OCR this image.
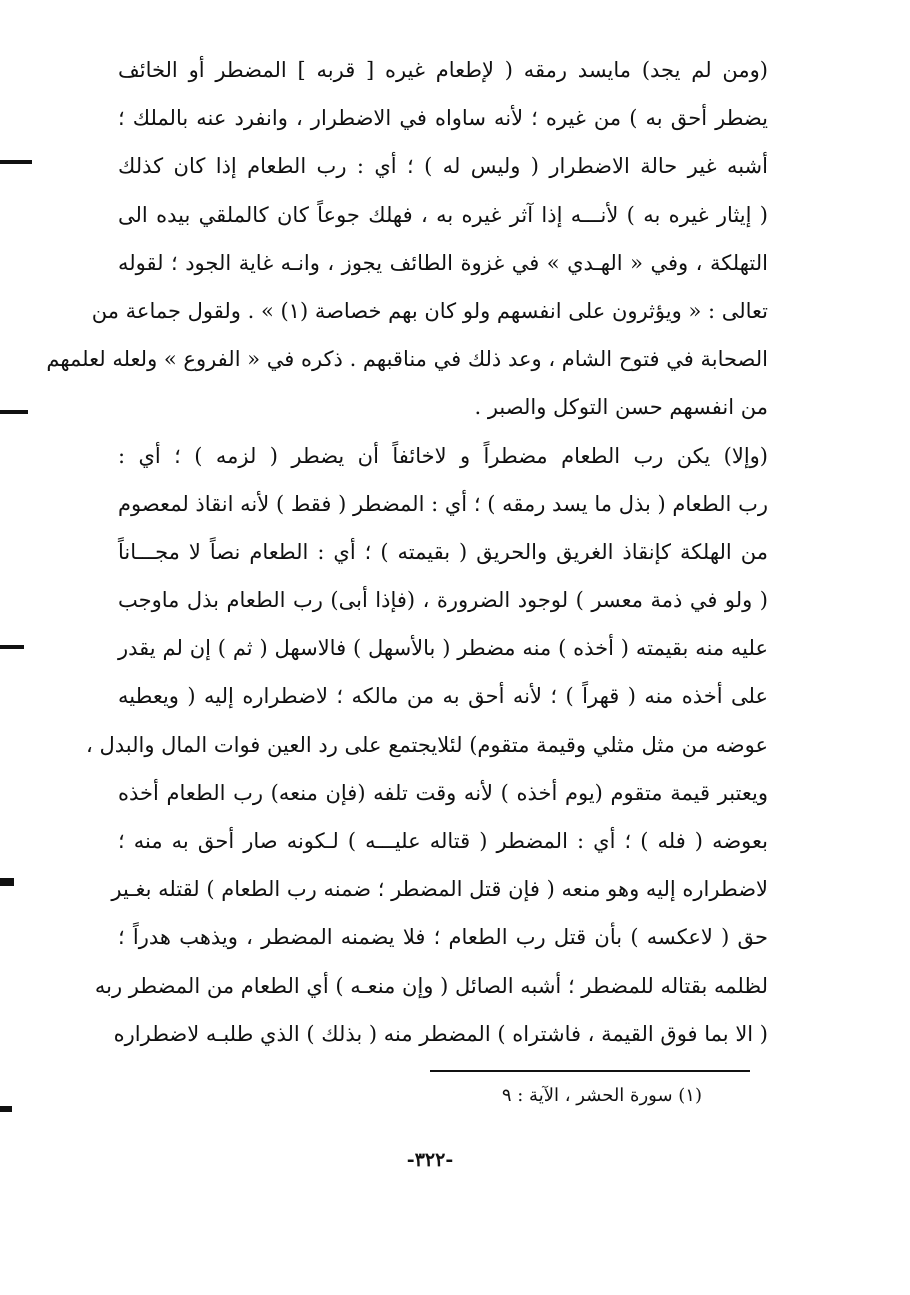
(ومن لم يجد) مايسد رمقه ( لإطعام غيره [ قربه ] المضطر أو الخائف
يضطر أحق به ) من غيره ؛ لأنه ساواه في الاضطرار ، وانفرد عنه بالملك ؛
أشبه غير حالة الاضطرار ( وليس له ) ؛ أي : رب الطعام إذا كان كذلك
( إيثار غيره به ) لأنـــه إذا آثر غيره به ، فهلك جوعاً كان كالملقي بيده الى
التهلكة ، وفي « الهـدي » في غزوة الطائف يجوز ، وانـه غاية الجود ؛ لقوله
تعالى : « ويؤثرون على انفسهم ولو كان بهم خصاصة (١) » . ولقول جماعة من
الصحابة في فتوح الشام ، وعد ذلك في مناقبهم . ذكره في « الفروع » ولعله لعلمهم
من انفسهم حسن التوكل والصبر .
(وإلا) يكن رب الطعام مضطراً و لاخائفاً أن يضطر ( لزمه ) ؛ أي :
رب الطعام ( بذل ما يسد رمقه ) ؛ أي : المضطر ( فقط ) لأنه انقاذ لمعصوم
من الهلكة كإنقاذ الغريق والحريق ( بقيمته ) ؛ أي : الطعام نصاً لا مجـــاناً
( ولو في ذمة معسر ) لوجود الضرورة ، (فإذا أبى) رب الطعام بذل ماوجب
عليه منه بقيمته ( أخذه ) منه مضطر ( بالأسهل ) فالاسهل ( ثم ) إن لم يقدر
على أخذه منه ( قهراً ) ؛ لأنه أحق به من مالكه ؛ لاضطراره إليه ( ويعطيه
عوضه من مثل مثلي وقيمة متقوم) لئلايجتمع على رد العين فوات المال والبدل ،
ويعتبر قيمة متقوم (يوم أخذه ) لأنه وقت تلفه (فإن منعه) رب الطعام أخذه
بعوضه ( فله ) ؛ أي : المضطر ( قتاله عليـــه ) لـكونه صار أحق به منه ؛
لاضطراره إليه وهو منعه ( فإن قتل المضطر ؛ ضمنه رب الطعام ) لقتله بغـير
حق ( لاعكسه ) بأن قتل رب الطعام ؛ فلا يضمنه المضطر ، ويذهب هدراً ؛
لظلمه بقتاله للمضطر ؛ أشبه الصائل ( وإن منعـه ) أي الطعام من المضطر ربه
( الا بما فوق القيمة ، فاشتراه ) المضطر منه ( بذلك ) الذي طلبـه لاضطراره
(١) سورة الحشر ، الآية : ٩
-٣٢٢-
